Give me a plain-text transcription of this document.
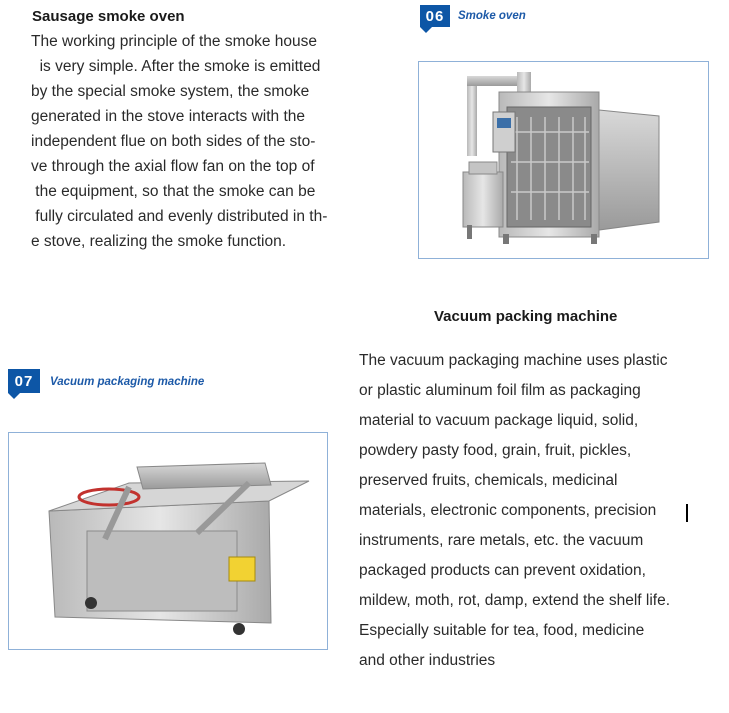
Sausage smoke oven
The working principle of the smoke house
is very simple. After the smoke is emitted
by the special smoke system, the smoke
generated in the stove interacts with the
independent flue on both sides of the sto-
ve through the axial flow fan on the top of
the equipment, so that the smoke can be
fully circulated and evenly distributed in th-
e stove, realizing the smoke function.
06	Smoke oven
Vacuum packing machine
07	Vacuum packaging machine
The vacuum packaging machine uses plastic
or plastic aluminum foil film as packaging
material to vacuum package liquid, solid,
powdery pasty food, grain, fruit, pickles,
preserved fruits, chemicals, medicinal
materials, electronic components, precision
instruments, rare metals, etc. the vacuum
packaged products can prevent oxidation,
mildew, moth, rot, damp, extend the shelf life.
Especially suitable for tea, food, medicine
and other industries
